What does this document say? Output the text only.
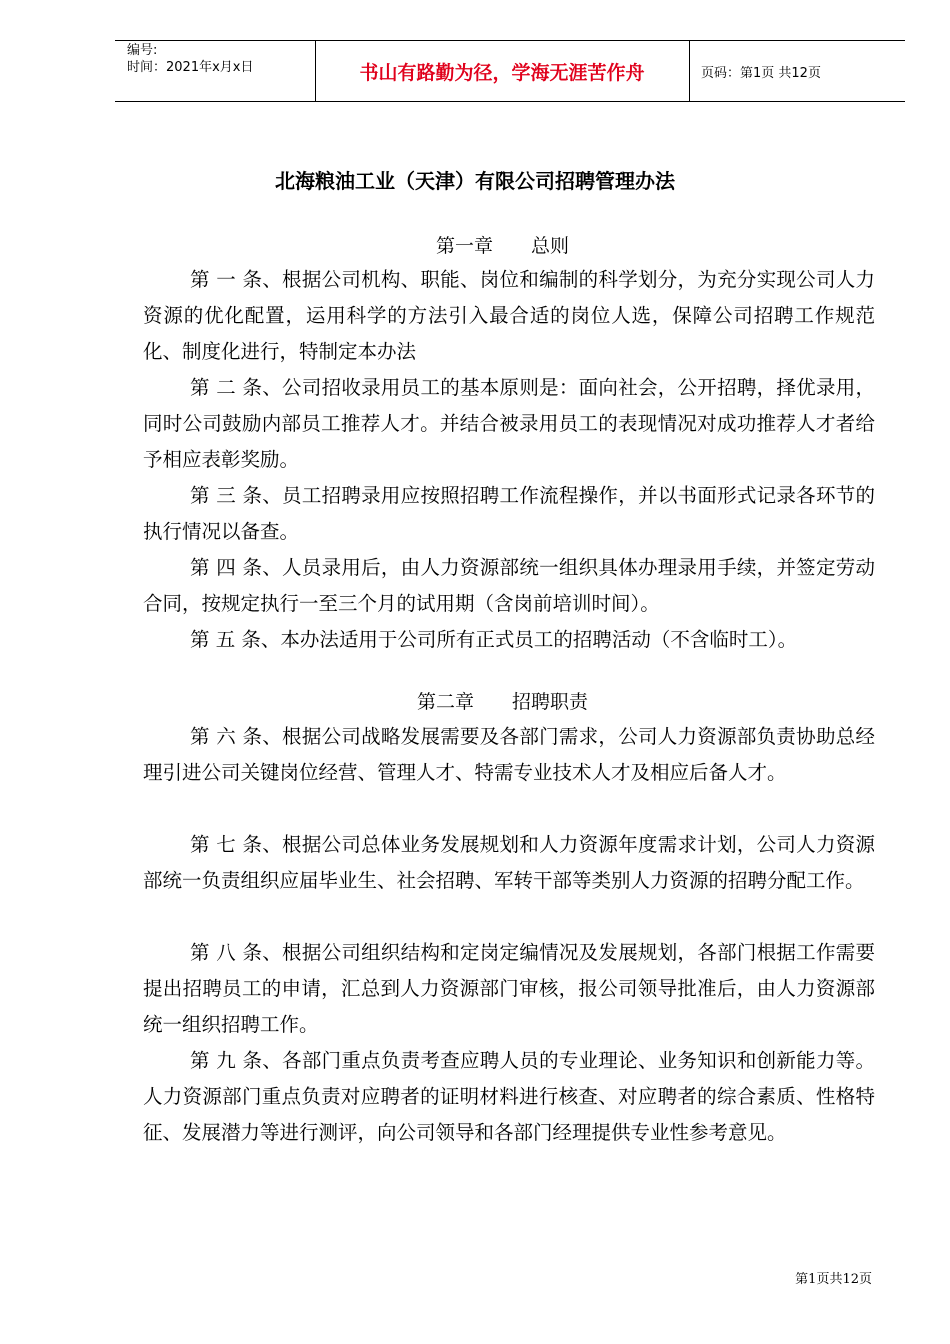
编号:
时间：2021年x月x日	书山有路勤为径，学海无涯苦作舟	页码：第1页 共12页
北海粮油工业（天津）有限公司招聘管理办法
第一章　　总则

第 一 条、根据公司机构、职能、岗位和编制的科学划分，为充分实现公司人力资源的优化配置，运用科学的方法引入最合适的岗位人选，保障公司招聘工作规范化、制度化进行，特制定本办法

第 二 条、公司招收录用员工的基本原则是：面向社会，公开招聘，择优录用，同时公司鼓励内部员工推荐人才。并结合被录用员工的表现情况对成功推荐人才者给予相应表彰奖励。

第 三 条、员工招聘录用应按照招聘工作流程操作，并以书面形式记录各环节的执行情况以备查。

第 四 条、人员录用后，由人力资源部统一组织具体办理录用手续，并签定劳动合同，按规定执行一至三个月的试用期（含岗前培训时间）。

第 五 条、本办法适用于公司所有正式员工的招聘活动（不含临时工）。

第二章　　招聘职责

第 六 条、根据公司战略发展需要及各部门需求，公司人力资源部负责协助总经理引进公司关键岗位经营、管理人才、特需专业技术人才及相应后备人才。

第 七 条、根据公司总体业务发展规划和人力资源年度需求计划，公司人力资源部统一负责组织应届毕业生、社会招聘、军转干部等类别人力资源的招聘分配工作。

第 八 条、根据公司组织结构和定岗定编情况及发展规划，各部门根据工作需要提出招聘员工的申请，汇总到人力资源部门审核，报公司领导批准后，由人力资源部统一组织招聘工作。

第 九 条、各部门重点负责考查应聘人员的专业理论、业务知识和创新能力等。人力资源部门重点负责对应聘者的证明材料进行核查、对应聘者的综合素质、性格特征、发展潜力等进行测评，向公司领导和各部门经理提供专业性参考意见。

第1页共12页
